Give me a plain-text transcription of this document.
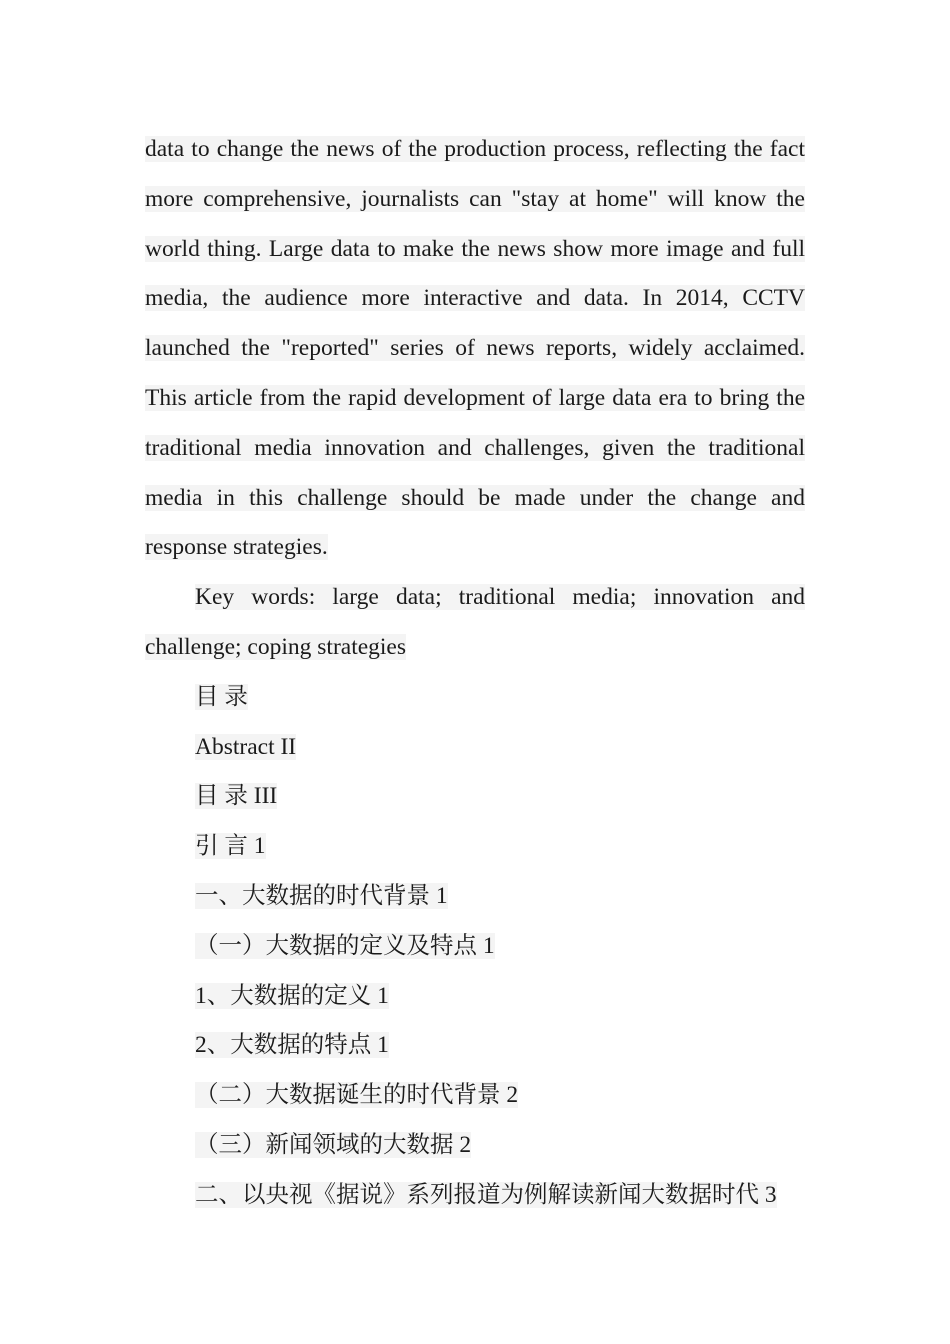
data to change the news of the production process, reflecting the fact more comprehensive, journalists can "stay at home" will know the world thing. Large data to make the news show more image and full media, the audience more interactive and data. In 2014, CCTV launched the "reported" series of news reports, widely acclaimed. This article from the rapid development of large data era to bring the traditional media innovation and challenges, given the traditional media in this challenge should be made under the change and response strategies.

Key words: large data; traditional media; innovation and challenge; coping strategies

目 录
Abstract II
目 录 III
引 言 1
一、大数据的时代背景 1
（一）大数据的定义及特点 1
1、大数据的定义 1
2、大数据的特点 1
（二）大数据诞生的时代背景 2
（三）新闻领域的大数据 2
二、以央视《据说》系列报道为例解读新闻大数据时代 3
